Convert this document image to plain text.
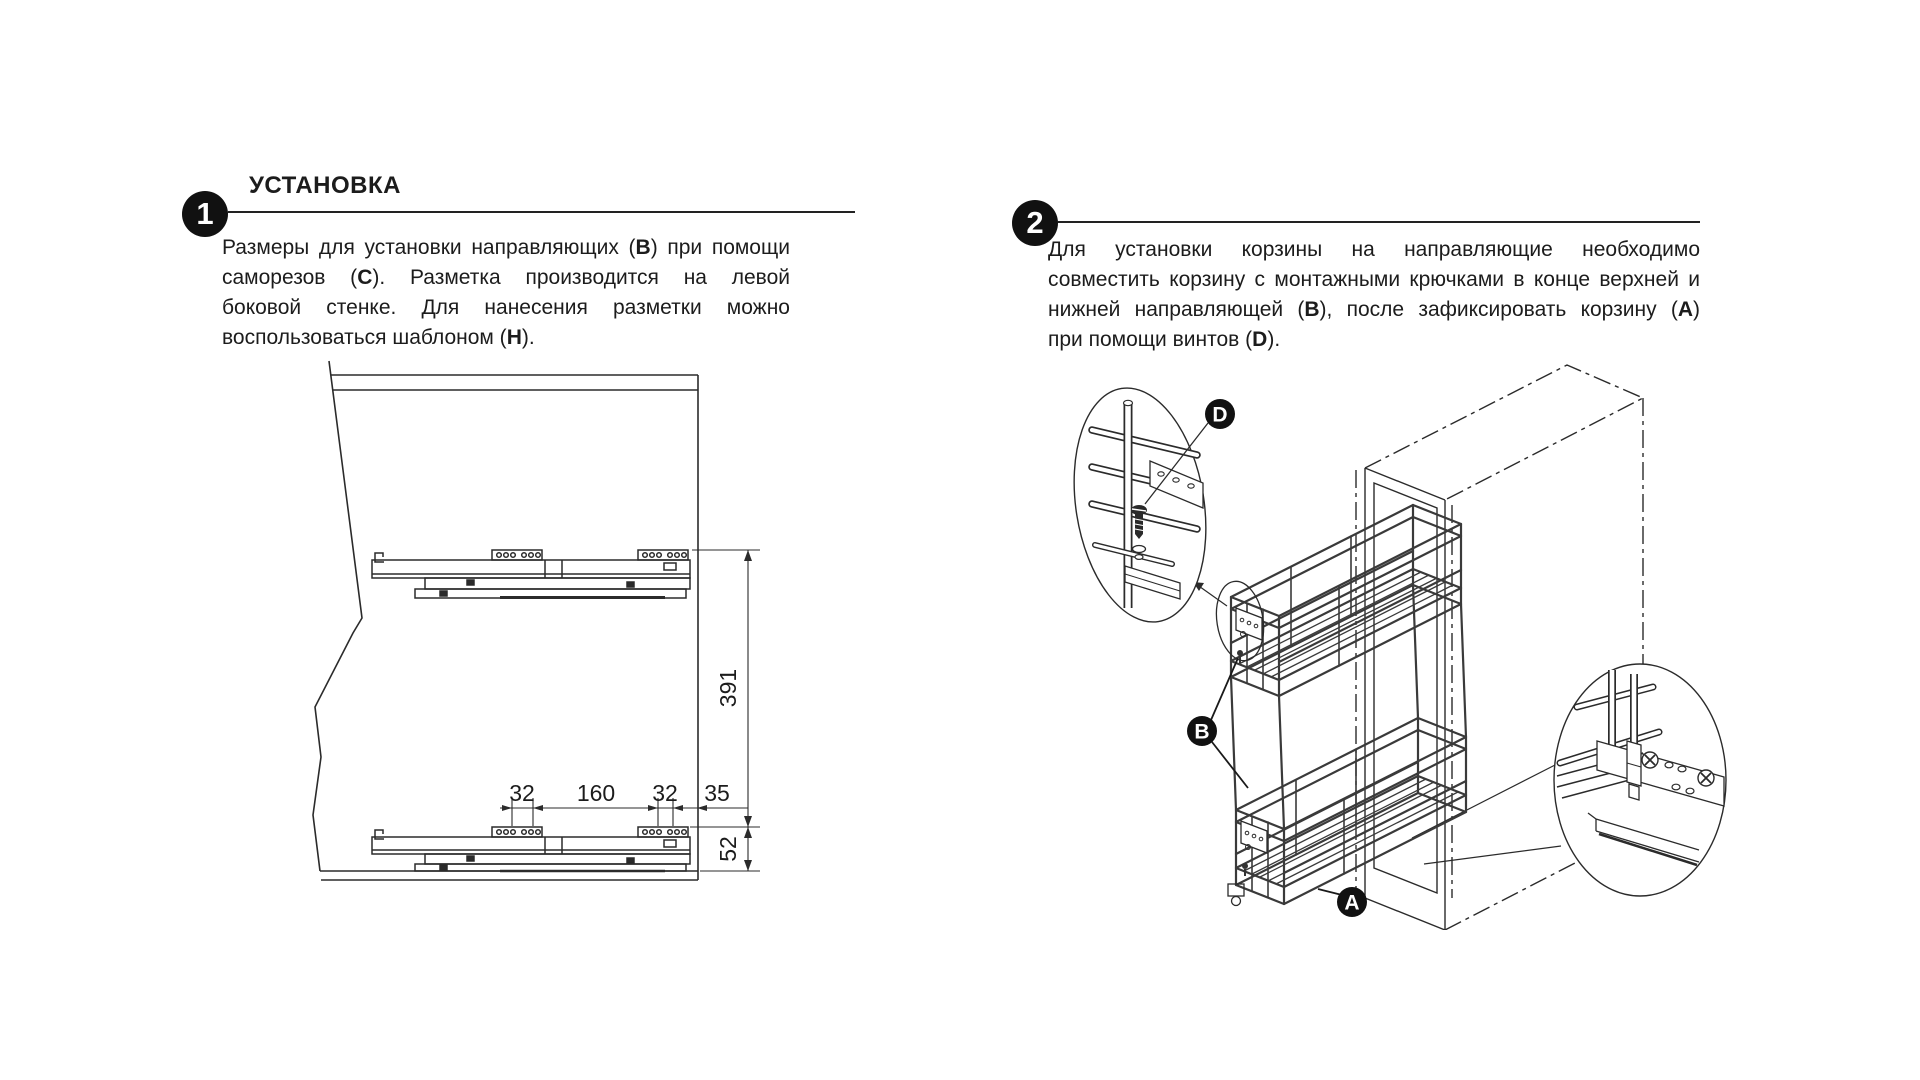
УСТАНОВКА
1
Размеры для установки направляющих (B) при помощи
саморезов (C). Разметка производится на левой
боковой стенке. Для нанесения разметки можно
воспользоваться шаблоном (H).
2
Для установки корзины на направляющие необходимо
совместить корзину с монтажными крючками в конце верхней и
нижней направляющей (B), после зафиксировать корзину (A)
при помощи винтов (D).
391
52
32 160 32 35
D
B
A
